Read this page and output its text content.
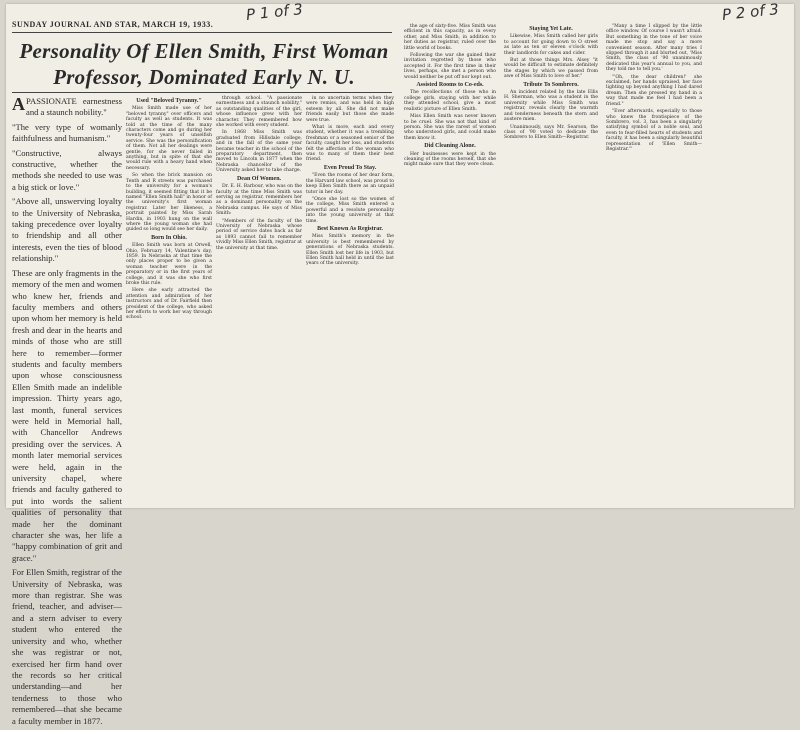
P 1 of 3	P 2 of 3
SUNDAY JOURNAL AND STAR, MARCH 19, 1933.
Personality Of Ellen Smith, First Woman
Professor, Dominated Early N. U.

A PASSIONATE earnestness and a staunch nobility."

"The very type of womanly faithfulness and humanism."

"Constructive, always constructive, whether the methods she needed to use was a big stick or love."

"Above all, unswerving loyalty to the University of Nebraska, taking precedence over loyalty to friendship and all other interests, even the ties of blood relationship."

These are only fragments in the memory of the men and women who knew her, friends and faculty members and others upon whom her memory is held fresh and dear in the hearts and minds of those who are still here to remember—former students and faculty members upon whose consciousness Ellen Smith made an indelible impression. Thirty years ago, last month, funeral services were held in Memorial hall, with Chancellor Andrews presiding over the services. A month later memorial services were held, again in the university chapel, where friends and faculty gathered to put into words the salient qualities of personality that made her the dominant character she was, her life a "happy combination of grit and grace."

For Ellen Smith, registrar of the University of Nebraska, was more than registrar. She was friend, teacher, and adviser—and a stern adviser to every student who entered the university and who, whether she was registrar or not, exercised her firm hand over the records so her critical understanding—and her tenderness to those who remembered—that she became a faculty member in 1877.

Used "Beloved Tyranny."

Miss Smith made use of her "beloved tyranny" over officers and faculty as well as students. It was told at the time of the many characters come and go during her twenty-four years of unselfish service. She was the personification of them. Not all her dealings were gentle, for she never failed in anything, but in spite of that she would rule with a heavy hand when necessary.

So when the brick mansion on Tenth and R streets was purchased to the university for a woman's building, it seemed fitting that it be named "Ellen Smith hall" in honor of the university's first woman registrar. Later her likeness, a portrait painted by Miss Sarah Hardin, in 1903 hung on the wall where the young woman she had guided so long would see her daily.

Born In Ohio.

Ellen Smith was born at Orwell, Ohio, February 14, Valentine's day, 1859. In Nebraska at that time the only places proper to be given a woman teacher were in the preparatory or in the first years of college, and it was she who first broke this rule.

Here she early attracted the attention and admiration of her instructors and of Dr. Fairfield then president of the college, who asked her efforts to work her way through school.

through school. "A passionate earnestness and a staunch nobility," as outstanding qualities of the girl, whose influence grew with her character. They remembered how she worked with every student.

In 1868 Miss Smith was graduated from Hillsdale college, and in the fall of the same year became teacher in the school of the preparatory department, then moved to Lincoln in 1877 when the Nebraska chancellor of the University asked her to take charge.

Dean Of Women.

Dr. E. H. Barbour, who was on the faculty at the time Miss Smith was serving as registrar, remembers her as a dominant personality on the Nebraska campus. He says of Miss Smith:

"Members of the faculty of the University of Nebraska whose period of service dates back as far as 1893 cannot fail to remember vividly Miss Ellen Smith, registrar at the university at that time.

in no uncertain terms when they were remiss, and was held in high esteem by all. She did not make friends easily but those she made were true.

What is more, each and every student, whether it was a trembling freshman or a seasoned senior of the faculty, caught her loss, and students felt the affection of the woman who was to many of them their best friend.

Even Proud To Stay.

"Even the rooms of her dear form, the Harvard law school, was proud to keep Ellen Smith there as an unpaid tutor in her day.

"Once she lost so the women of the college, Miss Smith entered a powerful and a resolute personality into the young university at that time.

Best Known As Registrar.

Miss Smith's memory in the university is best remembered by generations of Nebraska students. Ellen Smith lost her life in 1903, but Ellen Smith hall held in until the last years of the university.

the age of sixty-five. Miss Smith was efficient in this capacity, as in every other, and Miss Smith, in addition to her duties as registrar, ruled over the little world of books.

Following the war she gained their invitation regretted by those who accepted it. For the first time in their lives, perhaps, she met a person who would neither be put off nor kept out.

Assisted Rooms to Co-eds.

The recollections of those who in college girls, staying with her while they attended school, give a most realistic picture of Ellen Smith.

Miss Ellen Smith was never known to be cruel. She was not that kind of person. She was the rarest of women who understood girls, and could make them know it.

Did Cleaning Alone.

Her businesses were kept in the cleaning of the rooms herself, that she might make sure that they were clean.

Staying Yet Late.

Likewise, Miss Smith called her girls to account for going down to O street as late as ten or eleven o'clock with their landlords for cakes and cider.

But at those things Mrs. Alsey "it would be difficult to estimate definitely the stages by which we passed from awe of Miss Smith to love of her."

Tribute To Sombrero.

An incident related by the late Ellis H. Sherman, who was a student in the university while Miss Smith was registrar, reveals clearly the warmth and tenderness beneath the stern and austere mien.

Unanimously, says Mr. Searson, the class of '90 voted to dedicate the Sombrero to Ellen Smith—Registrar.

"Many a time I slipped by the little office window. Of course I wasn't afraid. But something in the tone of her voice made me stop and say a more convenient season. After many tries I slipped through it and blurted out, 'Miss Smith, the class of '90 unanimously dedicated this year's annual to you, and they told me to tell you.'

"'Oh, the dear children!' she exclaimed, her hands upraised, her face lighting up beyond anything I had dared dream. Then she pressed my hand in a way that made me feel I had been a friend."

"Ever afterwards, especially to those who knew the frontispiece of the Sombrero, vol. 3, has been a singularly satisfying symbol of a noble soul, and even to fear-filled hearts of students and faculty, it has been a singularly beautiful representation of 'Ellen Smith—Registrar.'"
